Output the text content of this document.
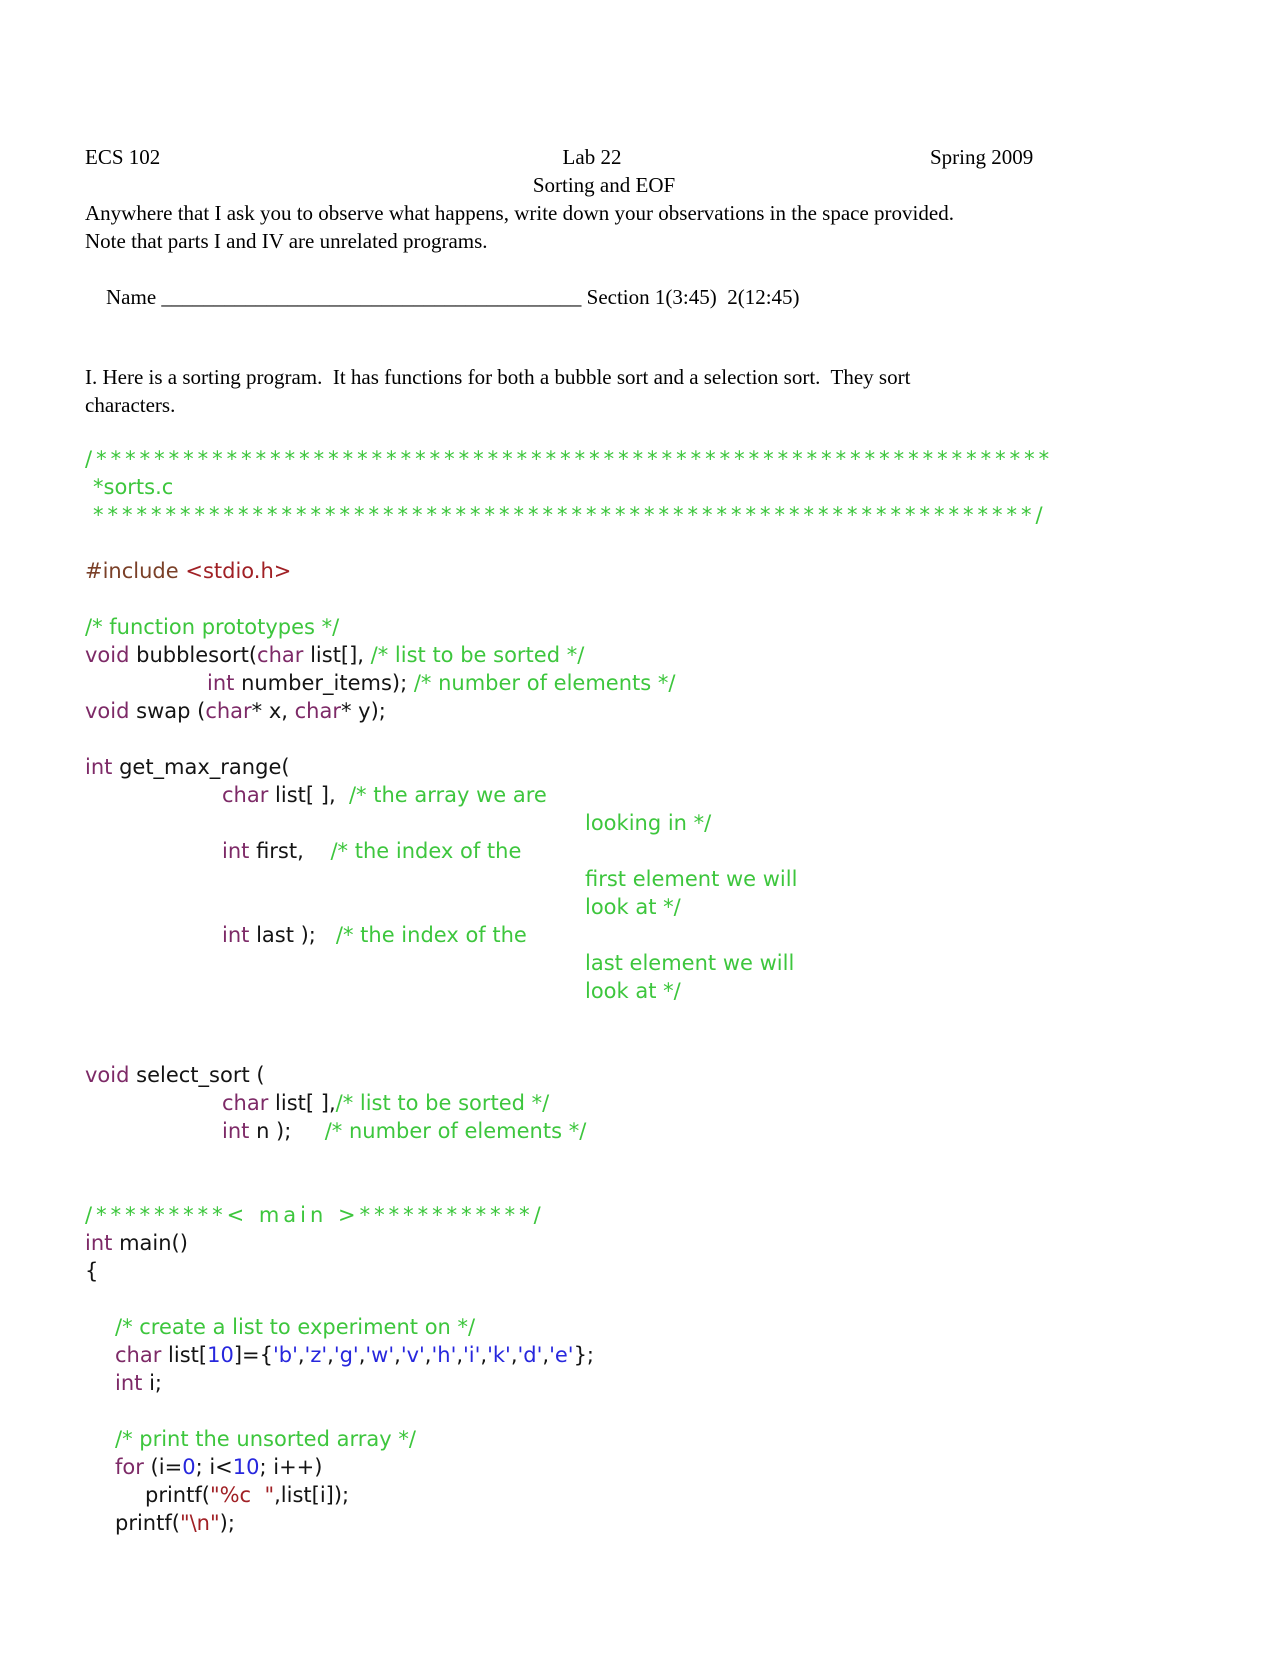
ECS 102

	Lab 22

	Spring 2009

Sorting and EOF
Anywhere that I ask you to observe what happens, write down your observations in the space provided.
Note that parts I and IV are unrelated programs.

Name ________________________________________ Section 1(3:45)  2(12:45)

I. Here is a sorting program.  It has functions for both a bubble sort and a selection sort.  They sort
characters.
/******************************************************************
*sorts.c
*****************************************************************/

#include <stdio.h>

/* function prototypes */
void bubblesort(char list[], /* list to be sorted */
int number_items); /* number of elements */
void swap (char* x, char* y);

int get_max_range(
char list[ ],  /* the array we are
looking in */
int first,    /* the index of the
first element we will
look at */
int last );   /* the index of the
last element we will
look at */

void select_sort (
char list[ ],/* list to be sorted */
int n );     /* number of elements */

/*********< main >************/
int main()
{

/* create a list to experiment on */
char list[10]={'b','z','g','w','v','h','i','k','d','e'};
int i;

/* print the unsorted array */
for (i=0; i<10; i++)
printf("%c  ",list[i]);
printf("\n");
